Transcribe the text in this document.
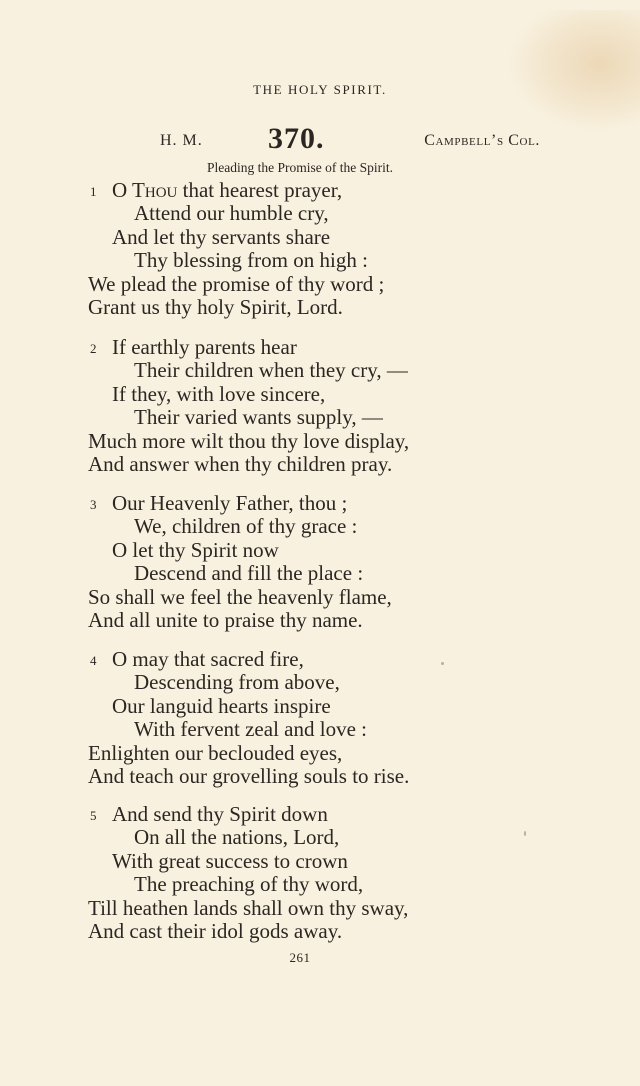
THE HOLY SPIRIT.
H. M. 370.	Campbell’s Col.
Pleading the Promise of the Spirit.
1 O Thou that hearest prayer,
Attend our humble cry,
And let thy servants share
Thy blessing from on high :
We plead the promise of thy word ;
Grant us thy holy Spirit, Lord.
2 If earthly parents hear
Their children when they cry, —
If they, with love sincere,
Their varied wants supply, —
Much more wilt thou thy love display,
And answer when thy children pray.
3 Our Heavenly Father, thou ;
We, children of thy grace :
O let thy Spirit now
Descend and fill the place :
So shall we feel the heavenly flame,
And all unite to praise thy name.
4 O may that sacred fire,
Descending from above,
Our languid hearts inspire
With fervent zeal and love :
Enlighten our beclouded eyes,
And teach our grovelling souls to rise.
5 And send thy Spirit down
On all the nations, Lord,
With great success to crown
The preaching of thy word,
Till heathen lands shall own thy sway,
And cast their idol gods away.
261
